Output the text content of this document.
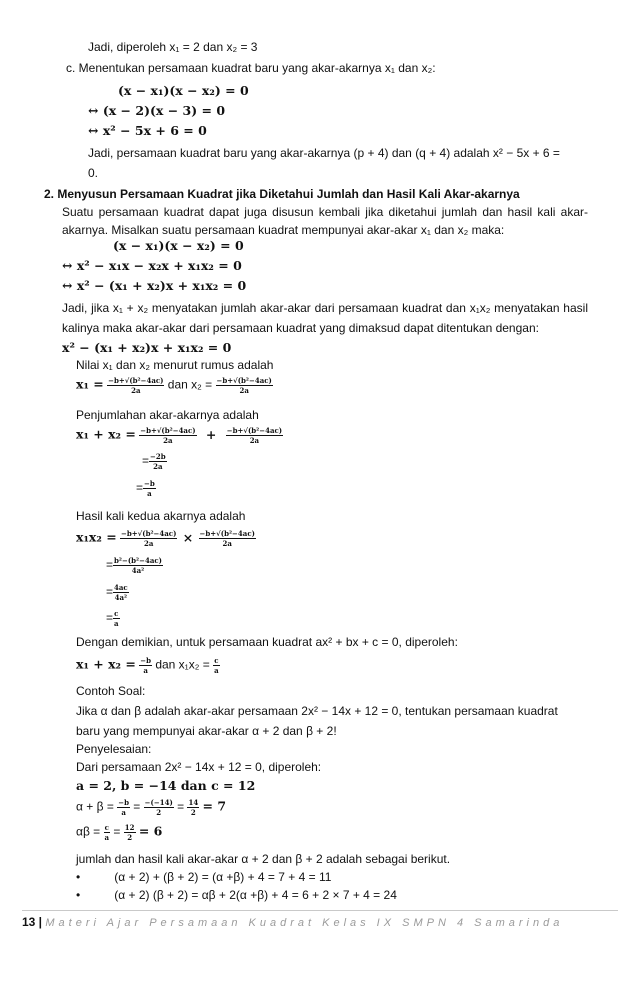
Jadi, diperoleh x₁ = 2 dan x₂ = 3
c. Menentukan persamaan kuadrat baru yang akar-akarnya x₁ dan x₂:
(x − x₁)(x − x₂) = 0
↔ (x − 2)(x − 3) = 0
↔ x² − 5x + 6 = 0
Jadi, persamaan kuadrat baru yang akar-akarnya (p + 4) dan (q + 4) adalah x² − 5x + 6 =
0.
2. Menyusun Persamaan Kuadrat jika Diketahui Jumlah dan Hasil Kali Akar-akarnya
Suatu persamaan kuadrat dapat juga disusun kembali jika diketahui jumlah dan hasil kali akar-akarnya. Misalkan suatu persamaan kuadrat mempunyai akar-akar x₁ dan x₂ maka:
(x − x₁)(x − x₂) = 0
↔ x² − x₁x − x₂x + x₁x₂ = 0
↔ x² − (x₁ + x₂)x + x₁x₂ = 0
Jadi, jika x₁ + x₂ menyatakan jumlah akar-akar dari persamaan kuadrat dan x₁x₂ menyatakan hasil kalinya maka akar-akar dari persamaan kuadrat yang dimaksud dapat ditentukan dengan:
x² − (x₁ + x₂)x + x₁x₂ = 0
Nilai x₁ dan x₂ menurut rumus adalah
$x_1 = \frac{\text{−b+√(b²−4ac)}}{2a}$ dan $x_2 = \frac{\text{−b+√(b²−4ac)}}{2a}$
Penjumlahan akar-akarnya adalah
$x_1 + x_2 = \frac{\text{−b+√(b²−4ac)}}{2a} + \frac{\text{−b+√(b²−4ac)}}{2a}$
= $\frac{-2b}{2a}$
= $\frac{-b}{a}$
Hasil kali kedua akarnya adalah
$x_1x_2 = \frac{\text{−b+√(b²−4ac)}}{2a} \times \frac{\text{−b+√(b²−4ac)}}{2a}$
= $\frac{\text{b²−(b²−4ac)}}{\text{4a²}}$
= $\frac{4ac}{\text{4a²}}$
= $\frac{c}{a}$
Dengan demikian, untuk persamaan kuadrat ax² + bx + c = 0, diperoleh:
$x_1 + x_2 = \frac{-b}{a}$ dan $x_1x_2 = \frac{c}{a}$
Contoh Soal:
Jika α dan β adalah akar-akar persamaan 2x² − 14x + 12 = 0, tentukan persamaan kuadrat
baru yang mempunyai akar-akar α + 2 dan β + 2!
Penyelesaian:
Dari persamaan 2x² − 14x + 12 = 0, diperoleh:
a = 2, b = −14 dan c = 12
$\alpha + \beta = \frac{-b}{a} = \frac{-(-14)}{2} = \frac{14}{2} = 7$
$\alpha\beta = \frac{c}{a} = \frac{12}{2} = 6$
jumlah dan hasil kali akar-akar α + 2 dan β + 2 adalah sebagai berikut.
•	(α + 2) + (β + 2) = (α +β) + 4 = 7 + 4 = 11
•	(α + 2) (β + 2) = αβ + 2(α +β) + 4 = 6 + 2 × 7 + 4 = 24
13 | Materi Ajar Persamaan Kuadrat Kelas IX SMPN 4 Samarinda
